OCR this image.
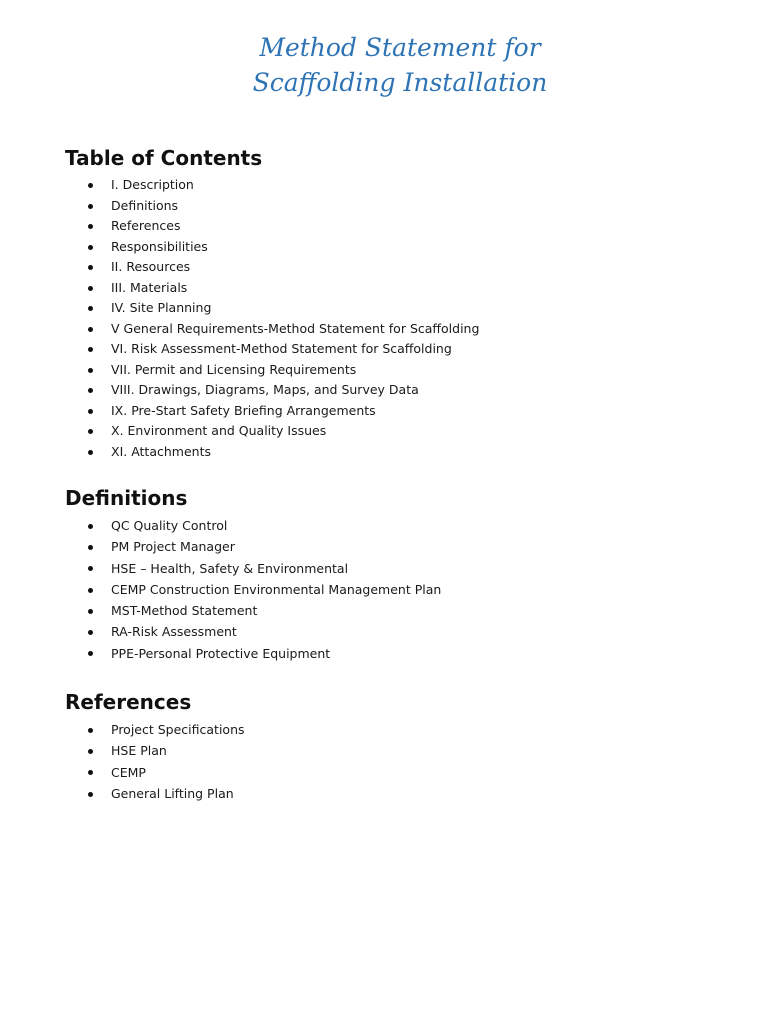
Method Statement for
Scaffolding Installation
Table of Contents
I. Description
Definitions
References
Responsibilities
II. Resources
III. Materials
IV. Site Planning
V General Requirements-Method Statement for Scaffolding
VI. Risk Assessment-Method Statement for Scaffolding
VII. Permit and Licensing Requirements
VIII. Drawings, Diagrams, Maps, and Survey Data
IX. Pre-Start Safety Briefing Arrangements
X. Environment and Quality Issues
XI. Attachments
Definitions
QC Quality Control
PM Project Manager
HSE – Health, Safety & Environmental
CEMP Construction Environmental Management Plan
MST-Method Statement
RA-Risk Assessment
PPE-Personal Protective Equipment
References
Project Specifications
HSE Plan
CEMP
General Lifting Plan
